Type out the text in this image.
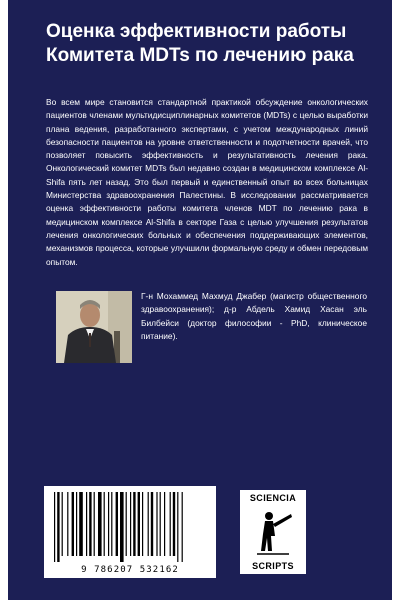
Оценка эффективности работы Комитета MDTs по лечению рака

Во всем мире становится стандартной практикой обсуждение онкологических пациентов членами мультидисциплинарных комитетов (MDTs) с целью выработки плана ведения, разработанного экспертами, с учетом международных линий безопасности пациентов на уровне ответственности и подотчетности врачей, что позволяет повысить эффективность и результативность лечения рака. Онкологический комитет MDTs был недавно создан в медицинском комплексе Al-Shifa пять лет назад. Это был первый и единственный опыт во всех больницах Министерства здравоохранения Палестины. В исследовании рассматривается оценка эффективности работы комитета членов MDT по лечению рака в медицинском комплексе Al-Shifa в секторе Газа с целью улучшения результатов лечения онкологических больных и обеспечения поддерживающих элементов, механизмов процесса, которые улучшили формальную среду и обмен передовым опытом.

Г-н Мохаммед Махмуд Джабер (магистр общественного здравоохранения); д-р Абдель Хамид Хасан эль Билбейси (доктор философии - PhD, клиническое питание).

9 786207 532162
SCIENCIA
SCRIPTS
